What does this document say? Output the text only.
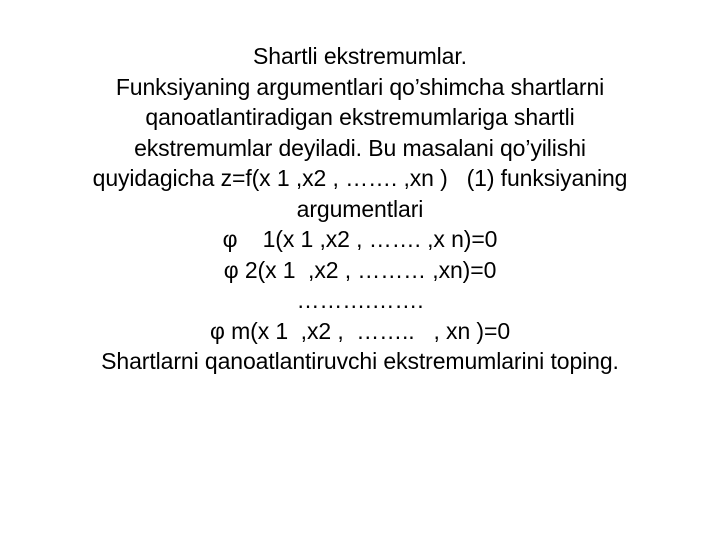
Shartli ekstremumlar.
Funksiyaning argumentlari qo’shimcha shartlarni
qanoatlantiradigan ekstremumlariga shartli
ekstremumlar deyiladi. Bu masalani qo’yilishi
quyidagicha z=f(x 1 ,x2 , ……. ,xn )   (1) funksiyaning
argumentlari
φ    1(x 1 ,x2 , ……. ,x n)=0
φ 2(x 1  ,x2 , ……… ,xn)=0
……….…….
φ m(x 1  ,x2 ,  ……..   , xn )=0
Shartlarni qanoatlantiruvchi ekstremumlarini toping.
